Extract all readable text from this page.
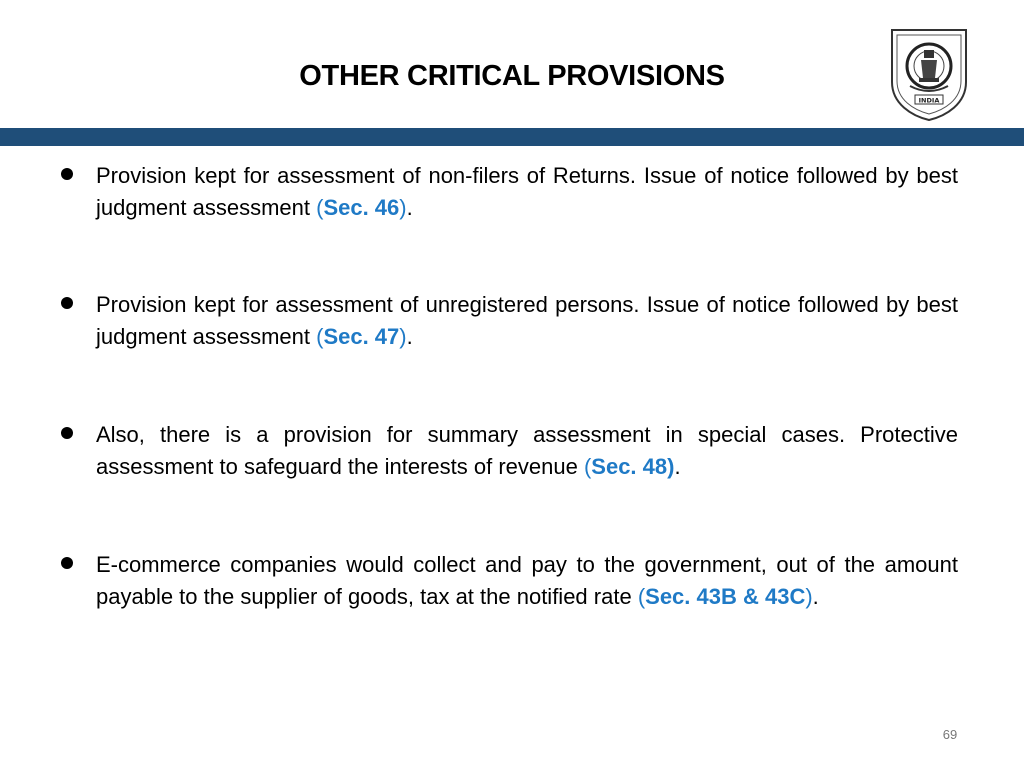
OTHER CRITICAL PROVISIONS
INDIA
Provision kept for assessment of non-filers of Returns. Issue of notice followed by best judgment assessment (Sec. 46).
Provision kept for assessment of unregistered persons. Issue of notice followed by best judgment assessment (Sec. 47).
Also, there is a provision for summary assessment in special cases. Protective assessment to safeguard the interests of revenue (Sec. 48).
E-commerce companies would collect and pay to the government, out of the amount payable to the supplier of goods, tax at the notified rate (Sec. 43B & 43C).
69
